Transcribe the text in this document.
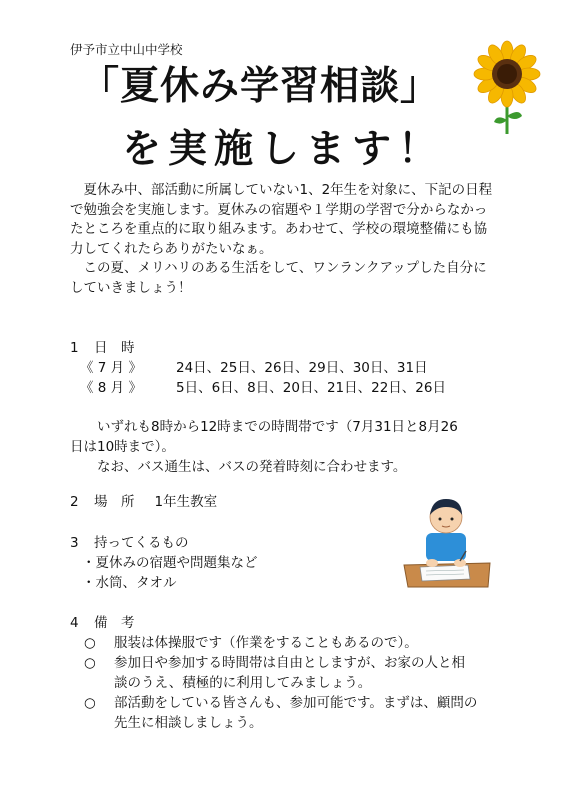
伊予市立中山中学校
「夏休み学習相談」
を実施します！

夏休み中、部活動に所属していない1、2年生を対象に、下記の日程で勉強会を実施します。夏休みの宿題や１学期の学習で分からなかったところを重点的に取り組みます。あわせて、学校の環境整備にも協力してくれたらありがたいなぁ。

この夏、メリハリのある生活をして、ワンランクアップした自分にしていきましょう！

1 日　時
《 7 月 》	24日、25日、26日、29日、30日、31日
《 8 月 》	5日、6日、8日、20日、21日、22日、26日

いずれも8時から12時までの時間帯です（7月31日と8月26

日は10時まで）。

なお、バス通生は、バスの発着時刻に合わせます。

2 場　所 1年生教室
3 持ってくるもの
・夏休みの宿題や問題集など
・水筒、タオル
4 備　考

○ 服装は体操服です（作業をすることもあるので）。

○ 参加日や参加する時間帯は自由としますが、お家の人と相

談のうえ、積極的に利用してみましょう。

○ 部活動をしている皆さんも、参加可能です。まずは、顧問の

先生に相談しましょう。
